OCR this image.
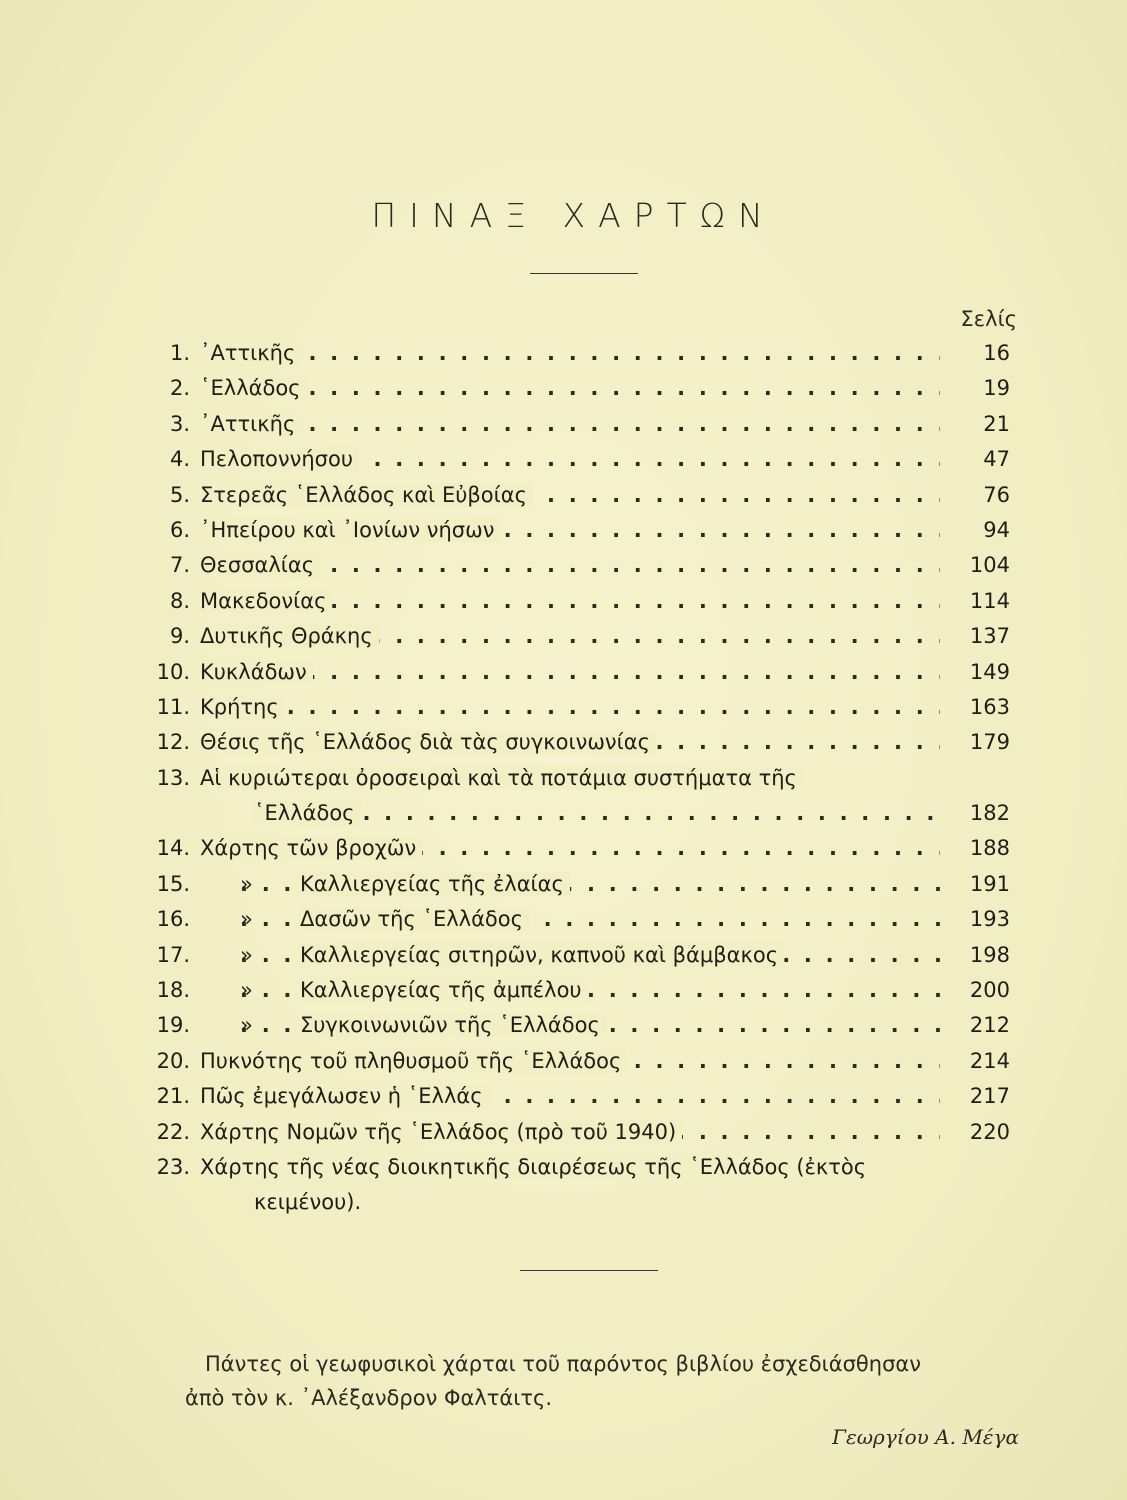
ΠΙΝΑΞ ΧΑΡΤΩΝ
Σελίς
1. ᾿Αττικῆς . . .	16
2. ῾Ελλάδος . . .	19
3. ᾿Αττικῆς . . .	21
4. Πελοποννήσου . . .	47
5. Στερεᾶς ῾Ελλάδος καὶ Εὐβοίας . . .	76
6. ᾿Ηπείρου καὶ ᾿Ιονίων νήσων . . .	94
7. Θεσσαλίας . . .	104
8. Μακεδονίας . . .	114
9. Δυτικῆς Θράκης . . .	137
10. Κυκλάδων . . .	149
11. Κρήτης . . .	163
12. Θέσις τῆς ῾Ελλάδος διὰ τὰς συγκοινωνίας . . .	179
13. Αἱ κυριώτεραι ὀροσειραὶ καὶ τὰ ποτάμια συστήματα τῆς
῾Ελλάδος . . .	182
14. Χάρτης τῶν βροχῶν . . .	188
15. » Καλλιεργείας τῆς ἐλαίας . . .	191
16. » Δασῶν τῆς ῾Ελλάδος . . .	193
17. » Καλλιεργείας σιτηρῶν, καπνοῦ καὶ βάμβακος . . .	198
18. » Καλλιεργείας τῆς ἀμπέλου . . .	200
19. » Συγκοινωνιῶν τῆς ῾Ελλάδος . . .	212
20. Πυκνότης τοῦ πληθυσμοῦ τῆς ῾Ελλάδος . . .	214
21. Πῶς ἐμεγάλωσεν ἡ ῾Ελλάς . . .	217
22. Χάρτης Νομῶν τῆς ῾Ελλάδος (πρὸ τοῦ 1940) . . .	220
23. Χάρτης τῆς νέας διοικητικῆς διαιρέσεως τῆς ῾Ελλάδος (ἐκτὸς
κειμένου).
Πάντες οἱ γεωφυσικοὶ χάρται τοῦ παρόντος βιβλίου ἐσχεδιάσθησαν
ἀπὸ τὸν κ. ᾿Αλέξανδρον Φαλτάιτς.
Γεωργίου Α. Μέγα
